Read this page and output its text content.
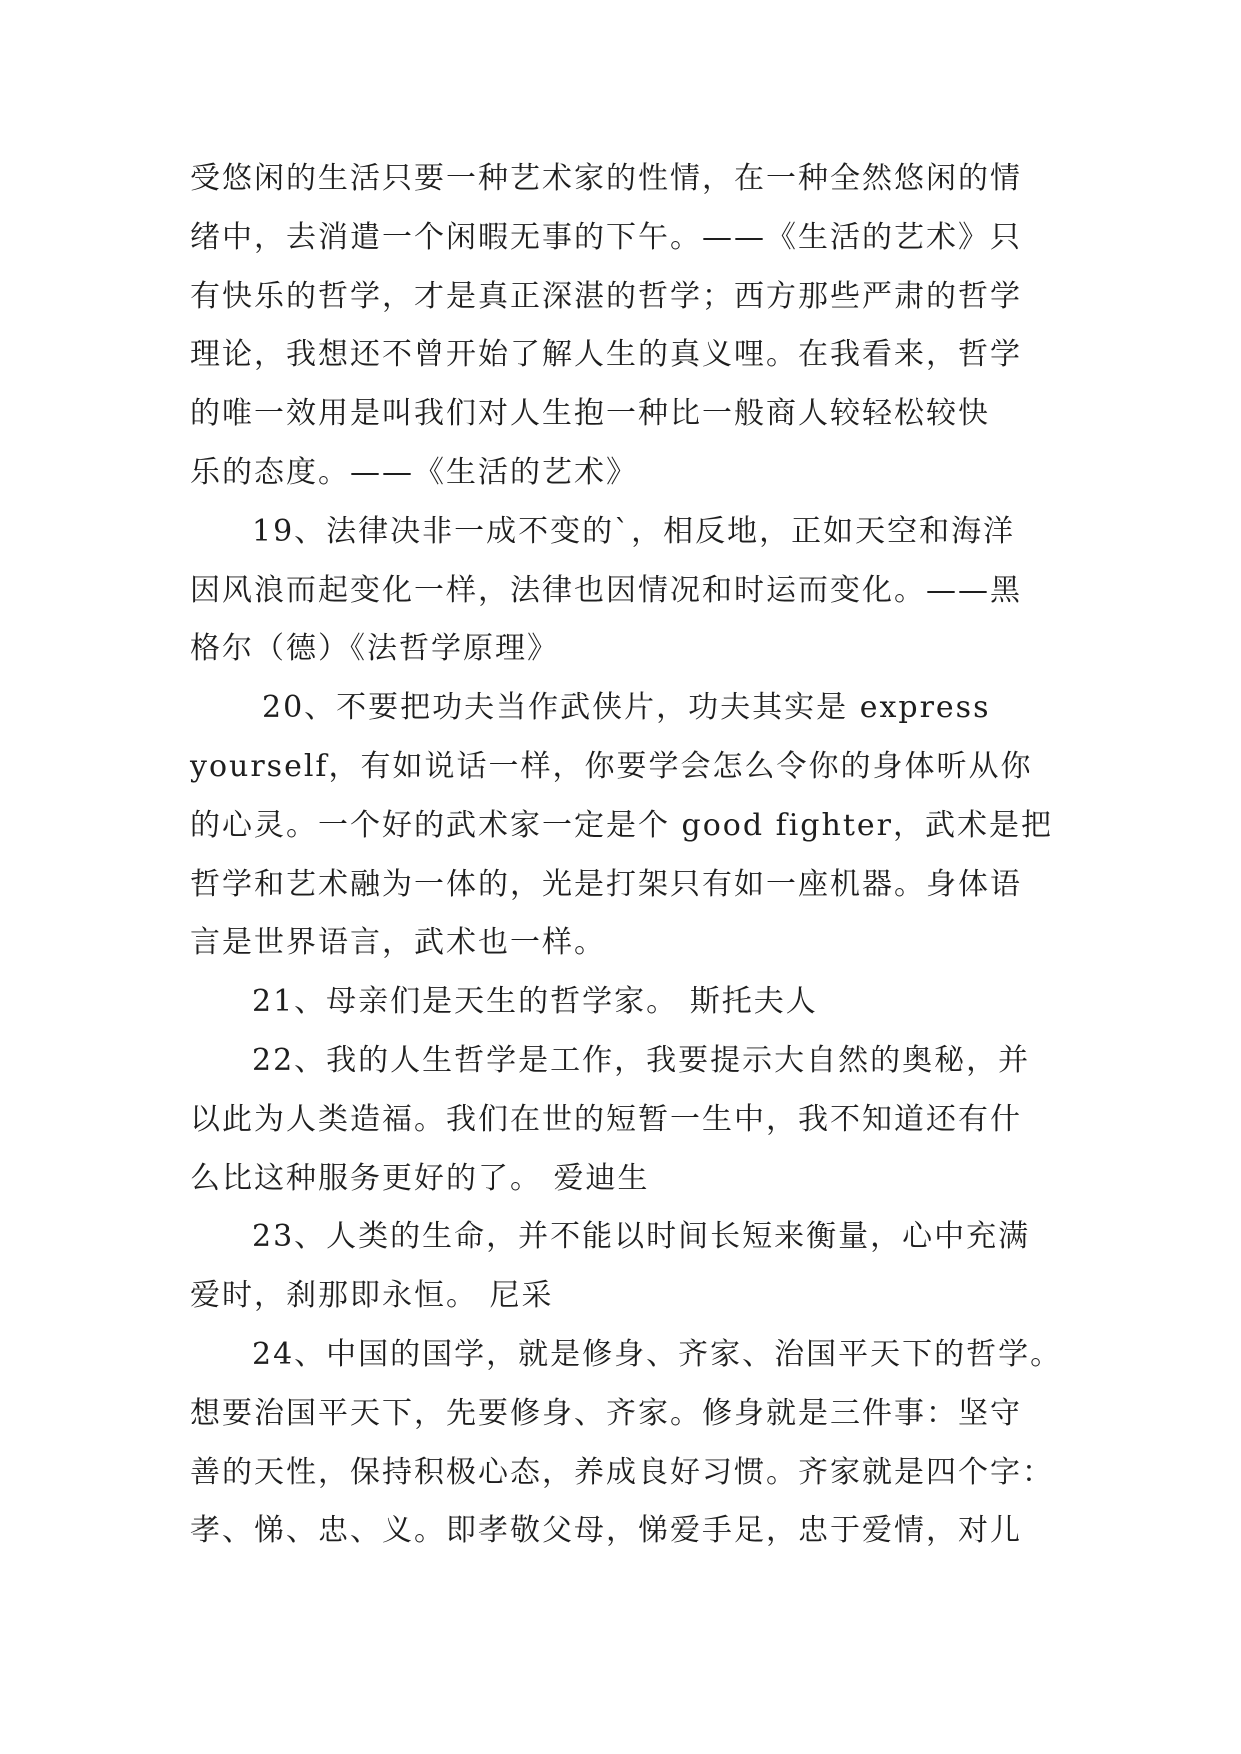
受悠闲的生活只要一种艺术家的性情，在一种全然悠闲的情
绪中，去消遣一个闲暇无事的下午。——《生活的艺术》只
有快乐的哲学，才是真正深湛的哲学；西方那些严肃的哲学
理论，我想还不曾开始了解人生的真义哩。在我看来，哲学
的唯一效用是叫我们对人生抱一种比一般商人较轻松较快
乐的态度。——《生活的艺术》
19、法律决非一成不变的`，相反地，正如天空和海洋
因风浪而起变化一样，法律也因情况和时运而变化。——黑
格尔（德）《法哲学原理》
20、不要把功夫当作武侠片，功夫其实是 express
yourself，有如说话一样，你要学会怎么令你的身体听从你
的心灵。一个好的武术家一定是个 good fighter，武术是把
哲学和艺术融为一体的，光是打架只有如一座机器。身体语
言是世界语言，武术也一样。
21、母亲们是天生的哲学家。 斯托夫人
22、我的人生哲学是工作，我要提示大自然的奥秘，并
以此为人类造福。我们在世的短暂一生中，我不知道还有什
么比这种服务更好的了。 爱迪生
23、人类的生命，并不能以时间长短来衡量，心中充满
爱时，刹那即永恒。 尼采
24、中国的国学，就是修身、齐家、治国平天下的哲学。
想要治国平天下，先要修身、齐家。修身就是三件事：坚守
善的天性，保持积极心态，养成良好习惯。齐家就是四个字：
孝、悌、忠、义。即孝敬父母，悌爱手足，忠于爱情，对儿
